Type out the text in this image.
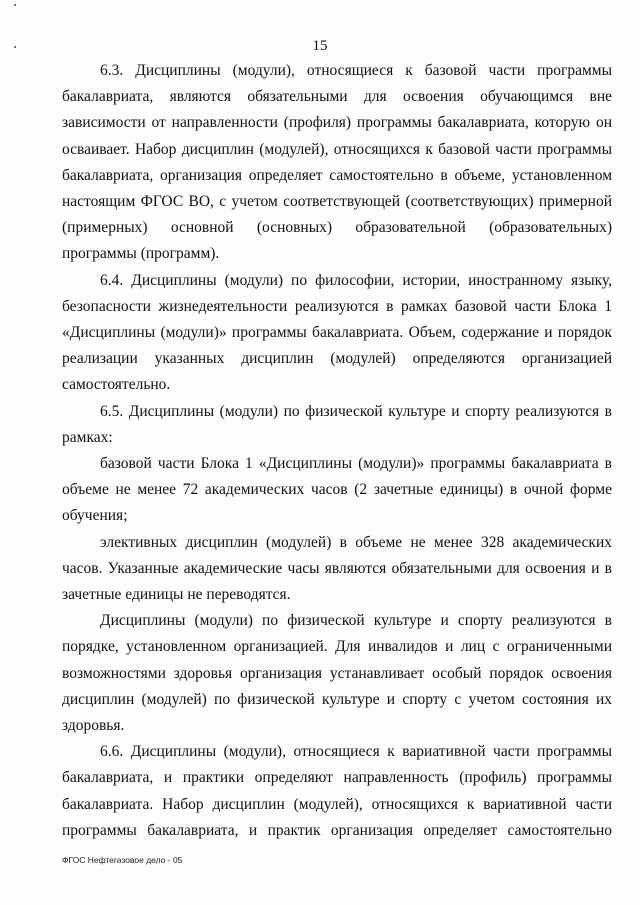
15

6.3. Дисциплины (модули), относящиеся к базовой части программы бакалавриата, являются обязательными для освоения обучающимся вне зависимости от направленности (профиля) программы бакалавриата, которую он осваивает. Набор дисциплин (модулей), относящихся к базовой части программы бакалавриата, организация определяет самостоятельно в объеме, установленном настоящим ФГОС ВО, с учетом соответствующей (соответствующих) примерной (примерных) основной (основных) образовательной (образовательных) программы (программ).

6.4. Дисциплины (модули) по философии, истории, иностранному языку, безопасности жизнедеятельности реализуются в рамках базовой части Блока 1 «Дисциплины (модули)» программы бакалавриата. Объем, содержание и порядок реализации указанных дисциплин (модулей) определяются организацией самостоятельно.

6.5. Дисциплины (модули) по физической культуре и спорту реализуются в рамках:

базовой части Блока 1 «Дисциплины (модули)» программы бакалавриата в объеме не менее 72 академических часов (2 зачетные единицы) в очной форме обучения;

элективных дисциплин (модулей) в объеме не менее 328 академических часов. Указанные академические часы являются обязательными для освоения и в зачетные единицы не переводятся.

Дисциплины (модули) по физической культуре и спорту реализуются в порядке, установленном организацией. Для инвалидов и лиц с ограниченными возможностями здоровья организация устанавливает особый порядок освоения дисциплин (модулей) по физической культуре и спорту с учетом состояния их здоровья.

6.6. Дисциплины (модули), относящиеся к вариативной части программы бакалавриата, и практики определяют направленность (профиль) программы бакалавриата. Набор дисциплин (модулей), относящихся к вариативной части программы бакалавриата, и практик организация определяет самостоятельно

ФГОС Нефтегазовое дело - 05
